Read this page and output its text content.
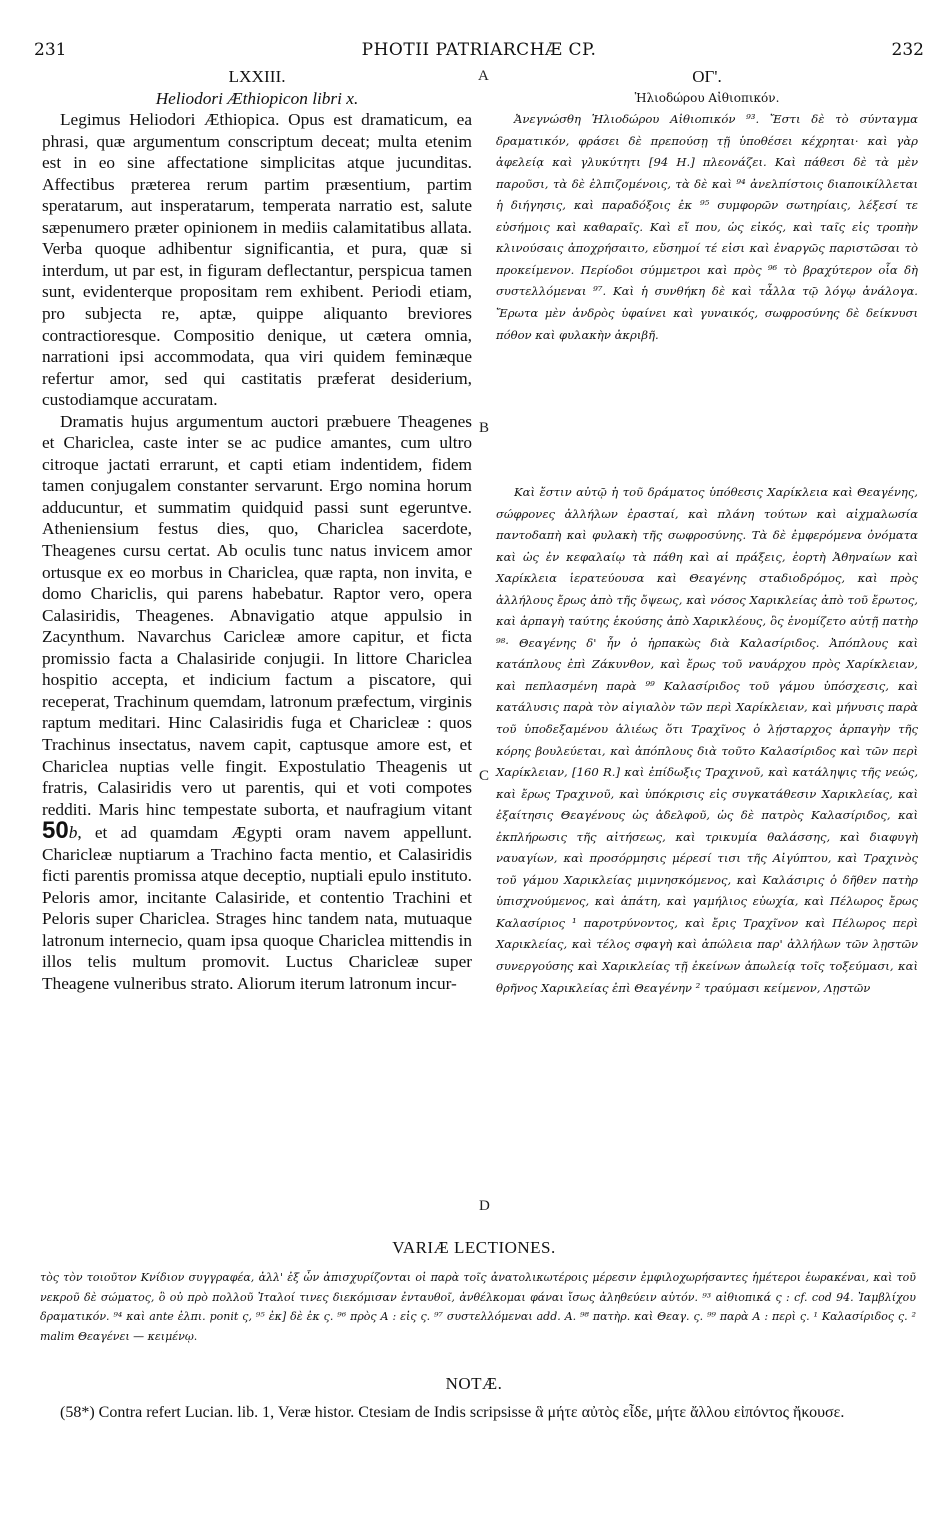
231	PHOTII PATRIARCHÆ CP.	232
LXXIII.
Heliodori Æthiopicon libri x.

Legimus Heliodori Æthiopica. Opus est dramaticum, ea phrasi, quæ argumentum conscriptum deceat; multa etenim est in eo sine affectatione simplicitas atque jucunditas. Affectibus præterea rerum partim præsentium, partim speratarum, aut insperatarum, temperata narratio est, salute sæpenumero præter opinionem in mediis calamitatibus allata. Verba quoque adhibentur significantia, et pura, quæ si interdum, ut par est, in figuram deflectantur, perspicua tamen sunt, evidenterque propositam rem exhibent. Periodi etiam, pro subjecta re, aptæ, quippe aliquanto breviores contractioresque. Compositio denique, ut cætera omnia, narrationi ipsi accommodata, qua viri quidem feminæque refertur amor, sed qui castitatis præferat desiderium, custodiamque accuratam.

Dramatis hujus argumentum auctori præbuere Theagenes et Chariclea, caste inter se ac pudice amantes, cum ultro citroque jactati errarunt, et capti etiam indentidem, fidem tamen conjugalem constanter servarunt. Ergo nomina horum adducuntur, et summatim quidquid passi sunt egeruntve. Atheniensium festus dies, quo, Chariclea sacerdote, Theagenes cursu certat. Ab oculis tunc natus invicem amor ortusque ex eo morbus in Chariclea, quæ rapta, non invita, e domo Chariclis, qui parens habebatur. Raptor vero, opera Calasiridis, Theagenes. Abnavigatio atque appulsio in Zacynthum. Navarchus Cariclеæ amore capitur, et ficta promissio facta a Chalasiride conjugii. In littore Chariclea hospitio accepta, et indicium factum a piscatore, qui receperat, Trachinum quemdam, latronum præfectum, virginis raptum meditari. Hinc Calasiridis fuga et Chariclеæ : quos Trachinus insectatus, navem capit, captusque amore est, et Chariclea nuptias velle fingit. Expostulatio Theagenis ut fratris, Calasiridis vero ut parentis, qui et voti compotes redditi. Maris hinc tempestate suborta, et naufragium vitant 50b, et ad quamdam Ægypti oram navem appellunt. Chariclеæ nuptiarum a Trachino facta mentio, et Calasiridis ficti parentis promissa atque deceptio, nuptiali epulo instituto. Peloris amor, incitante Calasiride, et contentio Trachini et Peloris super Chariclea. Strages hinc tandem nata, mutuaque latronum internecio, quam ipsa quoque Chariclea mittendis in illos telis multum promovit. Luctus Chariclеæ super Theagene vulneribus strato. Aliorum iterum latronum incur-

ΟΓ'.
Ἡλιοδώρου Αἰθιοπικόν.

Ἀνεγνώσθη Ἡλιοδώρου Αἰθιοπικόν ⁹³. Ἔστι δὲ τὸ σύνταγμα δραματικόν, φράσει δὲ πρεπούσῃ τῇ ὑποθέσει κέχρηται· καὶ γὰρ ἀφελείᾳ καὶ γλυκύτητι [94 H.] πλεονάζει. Καὶ πάθεσι δὲ τὰ μὲν παροῦσι, τὰ δὲ ἐλπιζομένοις, τὰ δὲ καὶ ⁹⁴ ἀνελπίστοις διαποικίλλεται ἡ διήγησις, καὶ παραδόξοις ἐκ ⁹⁵ συμφορῶν σωτηρίαις, λέξεσί τε εὐσήμοις καὶ καθαραῖς. Καὶ εἴ που, ὡς εἰκός, καὶ ταῖς εἰς τροπὴν κλινούσαις ἀποχρήσαιτο, εὔσημοί τέ εἰσι καὶ ἐναργῶς παριστῶσαι τὸ προκείμενον. Περίοδοι σύμμετροι καὶ πρὸς ⁹⁶ τὸ βραχύτερον οἷα δὴ συστελλόμεναι ⁹⁷. Καὶ ἡ συνθήκη δὲ καὶ τἆλλα τῷ λόγῳ ἀνάλογα. Ἔρωτα μὲν ἀνδρὸς ὑφαίνει καὶ γυναικός, σωφροσύνης δὲ δείκνυσι πόθον καὶ φυλακὴν ἀκριβῆ.

Καὶ ἔστιν αὐτῷ ἡ τοῦ δράματος ὑπόθεσις Χαρίκλεια καὶ Θεαγένης, σώφρονες ἀλλήλων ἐρασταί, καὶ πλάνη τούτων καὶ αἰχμαλωσία παντοδαπὴ καὶ φυλακὴ τῆς σωφροσύνης. Τὰ δὲ ἐμφερόμενα ὀνόματα καὶ ὡς ἐν κεφαλαίῳ τὰ πάθη καὶ αἱ πράξεις, ἑορτὴ Ἀθηναίων καὶ Χαρίκλεια ἱερατεύουσα καὶ Θεαγένης σταδιοδρόμος, καὶ πρὸς ἀλλήλους ἔρως ἀπὸ τῆς ὄψεως, καὶ νόσος Χαρικλείας ἀπὸ τοῦ ἔρωτος, καὶ ἁρπαγὴ ταύτης ἑκούσης ἀπὸ Χαρικλέους, ὃς ἐνομίζετο αὐτῇ πατὴρ ⁹⁸· Θεαγένης δ' ἦν ὁ ἡρπακὼς διὰ Καλασίριδος. Ἀπόπλους καὶ κατάπλους ἐπὶ Ζάκυνθον, καὶ ἔρως τοῦ ναυάρχου πρὸς Χαρίκλειαν, καὶ πεπλασμένη παρὰ ⁹⁹ Καλασίριδος τοῦ γάμου ὑπόσχεσις, καὶ κατάλυσις παρὰ τὸν αἰγιαλὸν τῶν περὶ Χαρίκλειαν, καὶ μήνυσις παρὰ τοῦ ὑποδεξαμένου ἁλιέως ὅτι Τραχῖνος ὁ λῄσταρχος ἁρπαγὴν τῆς κόρης βουλεύεται, καὶ ἀπόπλους διὰ τοῦτο Καλασίριδος καὶ τῶν περὶ Χαρίκλειαν, [160 R.] καὶ ἐπίδωξις Τραχινοῦ, καὶ κατάληψις τῆς νεώς, καὶ ἔρως Τραχινοῦ, καὶ ὑπόκρισις εἰς συγκατάθεσιν Χαρικλείας, καὶ ἐξαίτησις Θεαγένους ὡς ἀδελφοῦ, ὡς δὲ πατρὸς Καλασίριδος, καὶ ἐκπλήρωσις τῆς αἰτήσεως, καὶ τρικυμία θαλάσσης, καὶ διαφυγὴ ναυαγίων, καὶ προσόρμησις μέρεσί τισι τῆς Αἰγύπτου, καὶ Τραχινὸς τοῦ γάμου Χαρικλείας μιμνησκόμενος, καὶ Καλάσιρις ὁ δῆθεν πατὴρ ὑπισχνούμενος, καὶ ἀπάτη, καὶ γαμήλιος εὐωχία, καὶ Πέλωρος ἔρως Καλασίριος ¹ παροτρύνοντος, καὶ ἔρις Τραχῖνον καὶ Πέλωρος περὶ Χαρικλείας, καὶ τέλος σφαγὴ καὶ ἀπώλεια παρ' ἀλλήλων τῶν λῃστῶν συνεργούσης καὶ Χαρικλείας τῇ ἐκείνων ἀπωλείᾳ τοῖς τοξεύμασι, καὶ θρῆνος Χαρικλείας ἐπὶ Θεαγένην ² τραύμασι κείμενον, Λῃστῶν

A
B
C
D
VARIÆ LECTIONES.
τὸς τὸν τοιοῦτον Κνίδιον συγγραφέα, ἀλλ' ἐξ ὧν ἀπισχυρίζονται οἱ παρὰ τοῖς ἀνατολικωτέροις μέρεσιν ἐμφιλοχωρήσαντες ἡμέτεροι ἑωρακέναι, καὶ τοῦ νεκροῦ δὲ σώματος, ὃ οὐ πρὸ πολλοῦ Ἰταλοί τινες διεκόμισαν ἐνταυθοῖ, ἀνθέλκομαι φάναι ἴσως ἀληθεύειν αὐτόν. ⁹³ αἰθιοπικά ς : cf. cod 94. Ἰαμβλίχου δραματικόν. ⁹⁴ καὶ ante ἐλπι. ponit ς, ⁹⁵ ἐκ] δὲ ἐκ ς. ⁹⁶ πρὸς A : εἰς ς. ⁹⁷ συστελλόμεναι add. A. ⁹⁸ πατὴρ. καὶ Θεαγ. ς. ⁹⁹ παρὰ A : περὶ ς. ¹ Καλασίριδος ς. ² malim Θεαγένει — κειμένῳ.
NOTÆ.

(58*) Contra refert Lucian. lib. 1, Veræ histor. Ctesiam de Indis scripsisse ἃ μήτε αὐτὸς εἶδε, μήτε ἄλλου εἰπόντος ἤκουσε.
